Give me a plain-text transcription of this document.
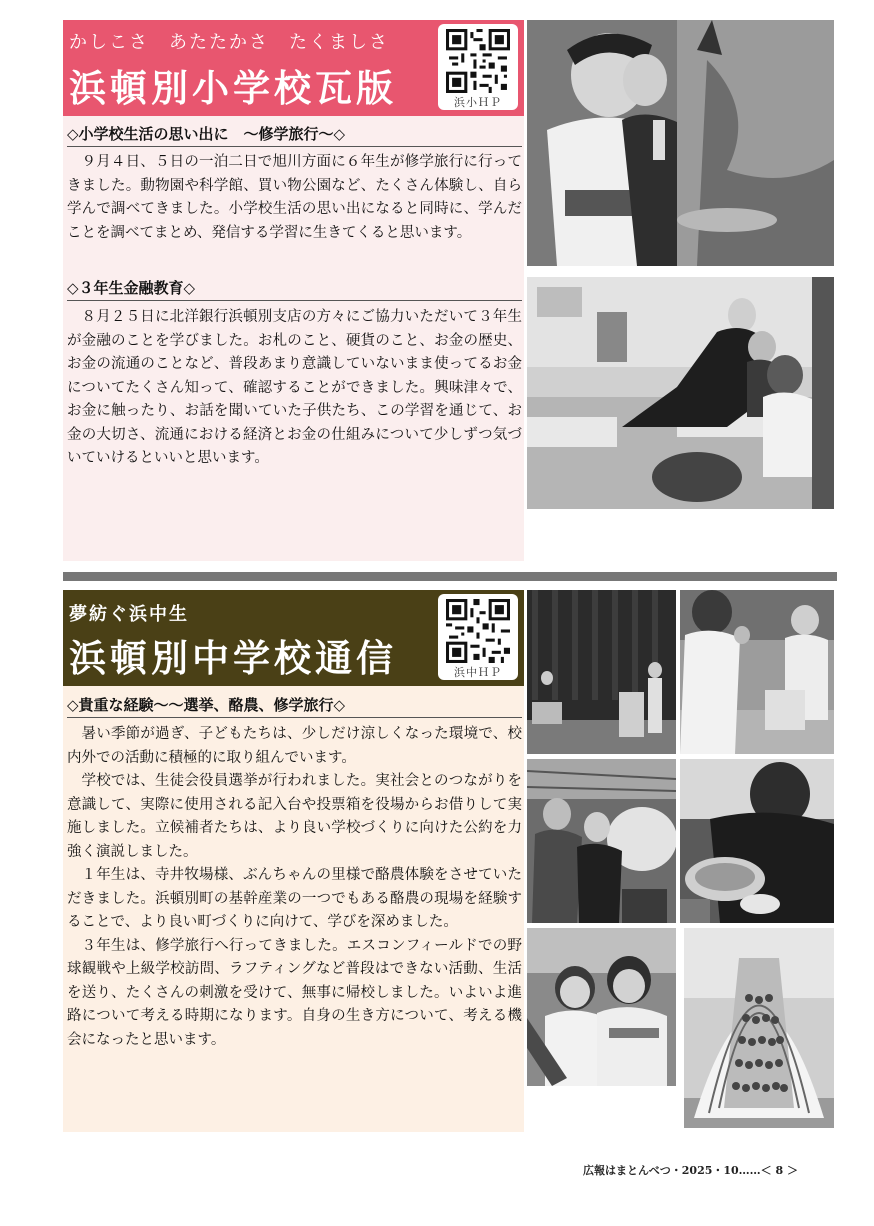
かしこさ　あたたかさ　たくましさ
浜頓別小学校瓦版	浜小ＨＰ
◇小学校生活の思い出に　～修学旅行～◇

９月４日、５日の一泊二日で旭川方面に６年生が修学旅行に行ってきました。動物園や科学館、買い物公園など、たくさん体験し、自ら学んで調べてきました。小学校生活の思い出になると同時に、学んだことを調べてまとめ、発信する学習に生きてくると思います。

◇３年生金融教育◇

８月２５日に北洋銀行浜頓別支店の方々にご協力いただいて３年生が金融のことを学びました。お札のこと、硬貨のこと、お金の歴史、お金の流通のことなど、普段あまり意識していないまま使ってるお金についてたくさん知って、確認することができました。興味津々で、お金に触ったり、お話を聞いていた子供たち、この学習を通じて、お金の大切さ、流通における経済とお金の仕組みについて少しずつ気づいていけるといいと思います。

夢紡ぐ浜中生
浜頓別中学校通信	浜中ＨＰ
◇貴重な経験～～選挙、酪農、修学旅行◇

暑い季節が過ぎ、子どもたちは、少しだけ涼しくなった環境で、校内外での活動に積極的に取り組んでいます。

学校では、生徒会役員選挙が行われました。実社会とのつながりを意識して、実際に使用される記入台や投票箱を役場からお借りして実施しました。立候補者たちは、より良い学校づくりに向けた公約を力強く演説しました。

１年生は、寺井牧場様、ぶんちゃんの里様で酪農体験をさせていただきました。浜頓別町の基幹産業の一つでもある酪農の現場を経験することで、より良い町づくりに向けて、学びを深めました。

３年生は、修学旅行へ行ってきました。エスコンフィールドでの野球観戦や上級学校訪問、ラフティングなど普段はできない活動、生活を送り、たくさんの刺激を受けて、無事に帰校しました。いよいよ進路について考える時期になります。自身の生き方について、考える機会になったと思います。

広報はまとんべつ・2025・10……＜ 8 ＞
